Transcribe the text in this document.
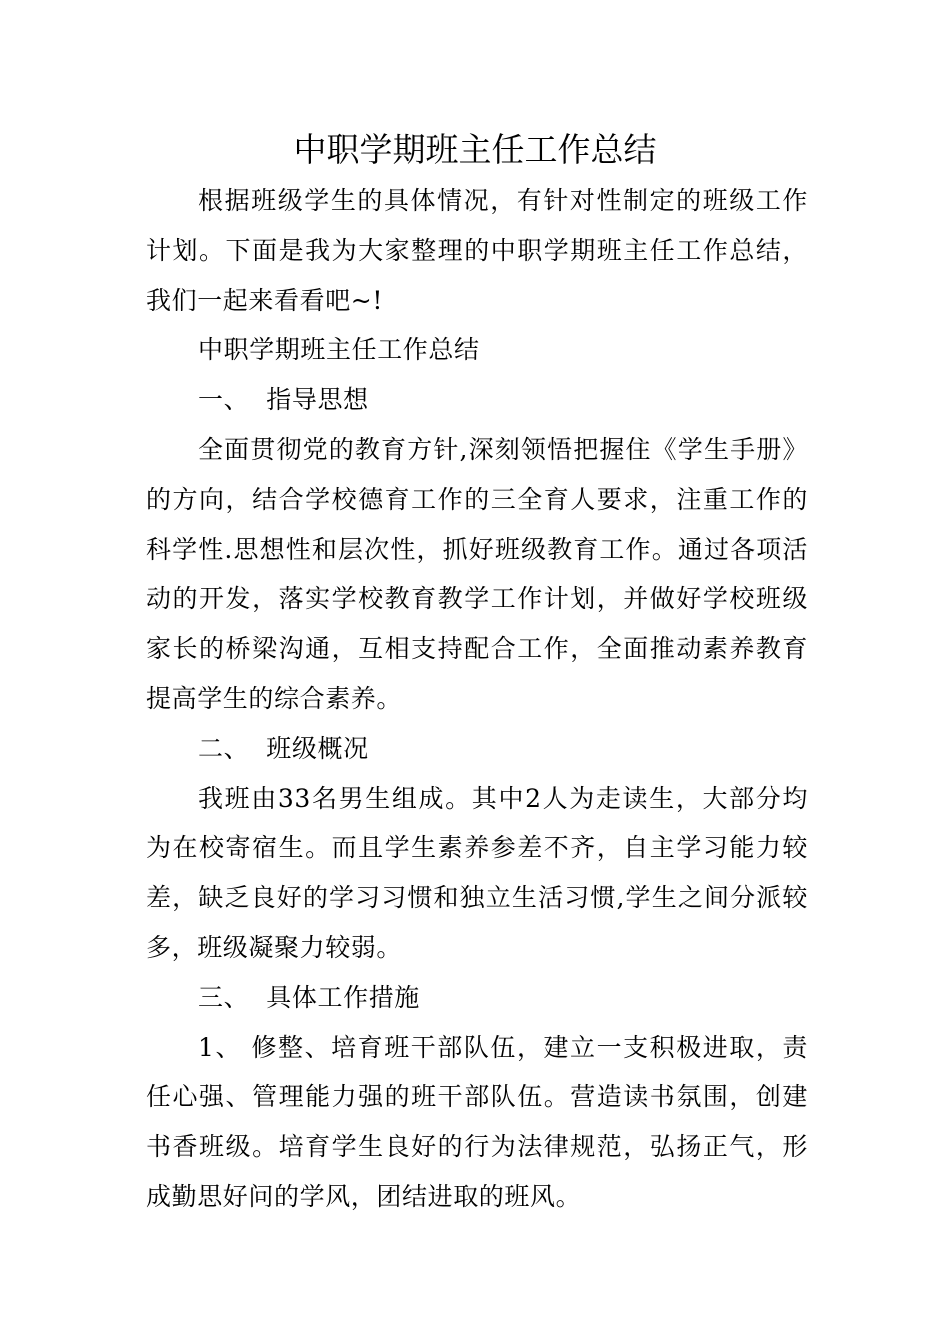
中职学期班主任工作总结

根据班级学生的具体情况，有针对性制定的班级工作计划。下面是我为大家整理的中职学期班主任工作总结，我们一起来看看吧~!

中职学期班主任工作总结

一、  指导思想

全面贯彻党的教育方针,深刻领悟把握住《学生手册》的方向，结合学校德育工作的三全育人要求，注重工作的科学性.思想性和层次性，抓好班级教育工作。通过各项活动的开发，落实学校教育教学工作计划，并做好学校班级家长的桥梁沟通，互相支持配合工作，全面推动素养教育提高学生的综合素养。

二、  班级概况

我班由33名男生组成。其中2人为走读生，大部分均为在校寄宿生。而且学生素养参差不齐，自主学习能力较差，缺乏良好的学习习惯和独立生活习惯,学生之间分派较多，班级凝聚力较弱。

三、  具体工作措施

1、 修整、培育班干部队伍，建立一支积极进取，责任心强、管理能力强的班干部队伍。营造读书氛围，创建书香班级。培育学生良好的行为法律规范，弘扬正气，形成勤思好问的学风，团结进取的班风。
